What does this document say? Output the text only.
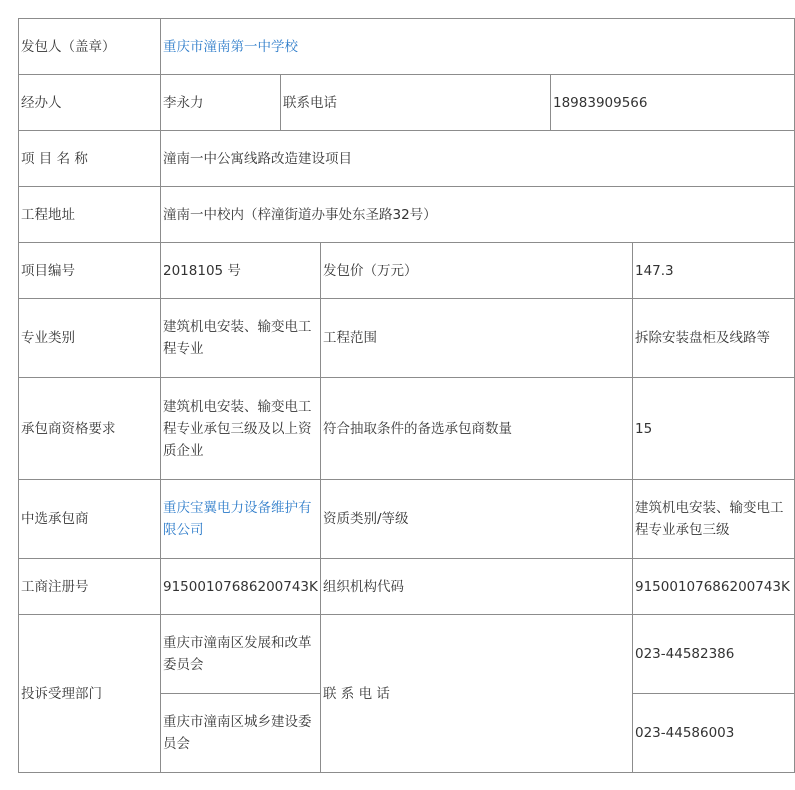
发包人（盖章）	重庆市潼南第一中学校				
经办人	李永力	联系电话		18983909566	
项 目 名 称	潼南一中公寓线路改造建设项目				
工程地址	潼南一中校内（梓潼街道办事处东圣路32号）				
项目编号	2018105 号		发包价（万元）		147.3
专业类别	建筑机电安装、输变电工程专业		工程范围		拆除安装盘柜及线路等
承包商资格要求	建筑机电安装、输变电工程专业承包三级及以上资质企业		符合抽取条件的备选承包商数量		15
中选承包商	重庆宝翼电力设备维护有限公司		资质类别/等级		建筑机电安装、输变电工程专业承包三级
工商注册号	91500107686200743K		组织机构代码		91500107686200743K
投诉受理部门	重庆市潼南区发展和改革委员会		联 系 电 话		023-44582386
	重庆市潼南区城乡建设委员会				023-44586003
